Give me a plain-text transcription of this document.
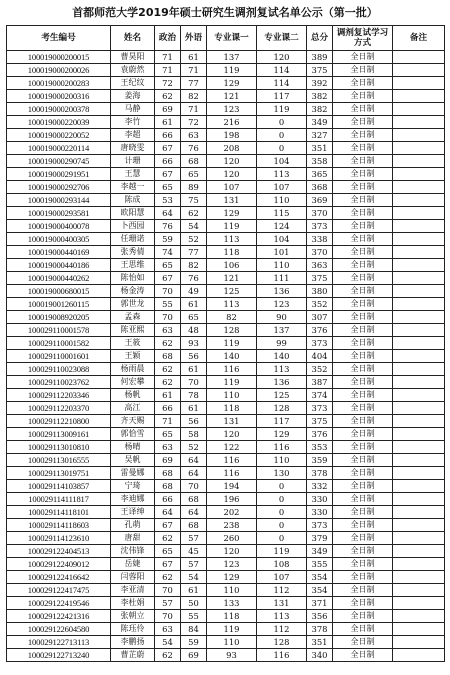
首都师范大学2019年硕士研究生调剂复试名单公示（第一批）
考生编号	姓名	政治	外语	专业课一	专业课二	总分	调剂复试学习方式	备注
100019000200015	曹昊阳	71	61	137	120	389	全日制	
100019000200026	袁蔚然	71	71	119	114	375	全日制	
100019000200283	王纪纹	72	77	129	114	392	全日制	
100019000200316	姜海	62	82	121	117	382	全日制	
100019000200378	马静	69	71	123	119	382	全日制	
100019000220039	李竹	61	72	216	0	349	全日制	
100019000220052	李超	66	63	198	0	327	全日制	
100019000220114	唐晓雯	67	76	208	0	351	全日制	
100019000290745	计珊	66	68	120	104	358	全日制	
100019000291951	王慧	67	65	120	113	365	全日制	
100019000292706	李越一	65	89	107	107	368	全日制	
100019000293144	陈成	53	75	131	110	369	全日制	
100019000293581	欧阳慧	64	62	129	115	370	全日制	
100019000400078	卜西园	76	54	119	124	373	全日制	
100019000400305	任珊诺	59	52	113	104	338	全日制	
100019000440169	张秀倩	74	77	118	101	370	全日制	
100019000440186	王思维	65	82	106	110	363	全日制	
100019000440262	陈怡如	67	76	121	111	375	全日制	
100019000680015	杨金涛	70	49	125	136	380	全日制	
100019001260115	郭世龙	55	61	113	123	352	全日制	
100019008920205	孟森	70	65	82	90	307	全日制	
100029110001578	陈亚熙	63	48	128	137	376	全日制	
100029110001582	王筱	62	93	119	99	373	全日制	
100029110001601	王颖	68	56	140	140	404	全日制	
100029110023088	杨雨晨	62	61	116	113	352	全日制	
100029110023762	何宏攀	62	70	119	136	387	全日制	
100029112203346	杨帆	61	78	110	125	374	全日制	
100029112203370	高江	66	61	118	128	373	全日制	
100029112210800	齐天赐	71	56	131	117	375	全日制	
100029113009161	郭恰雪	65	58	120	129	376	全日制	
100029113010810	杨晴	63	52	122	116	353	全日制	
100029113016555	吴帆	69	64	116	110	359	全日制	
100029113019751	雷曼娜	68	64	116	130	378	全日制	
100029114103857	宁琦	68	70	194	0	332	全日制	
100029114111817	李迪娜	66	68	196	0	330	全日制	
100029114118101	王译绅	64	64	202	0	330	全日制	
100029114118603	孔萌	67	68	238	0	373	全日制	
100029114123610	唐甜	62	57	260	0	379	全日制	
100029122404513	沈伟锋	65	45	120	119	349	全日制	
100029122409012	岳婕	67	57	123	108	355	全日制	
100029122416642	闫蓉阳	62	54	129	107	354	全日制	
100029122417475	李亚清	70	61	110	112	354	全日制	
100029122419546	李杜娟	57	50	133	131	371	全日制	
100029122421316	张朝立	70	55	118	113	356	全日制	
100029122604580	陈珏伶	63	84	119	112	378	全日制	
100029122713113	李鹏扬	54	59	110	128	351	全日制	
100029122713240	曹芷蔚	62	69	93	116	340	全日制	
